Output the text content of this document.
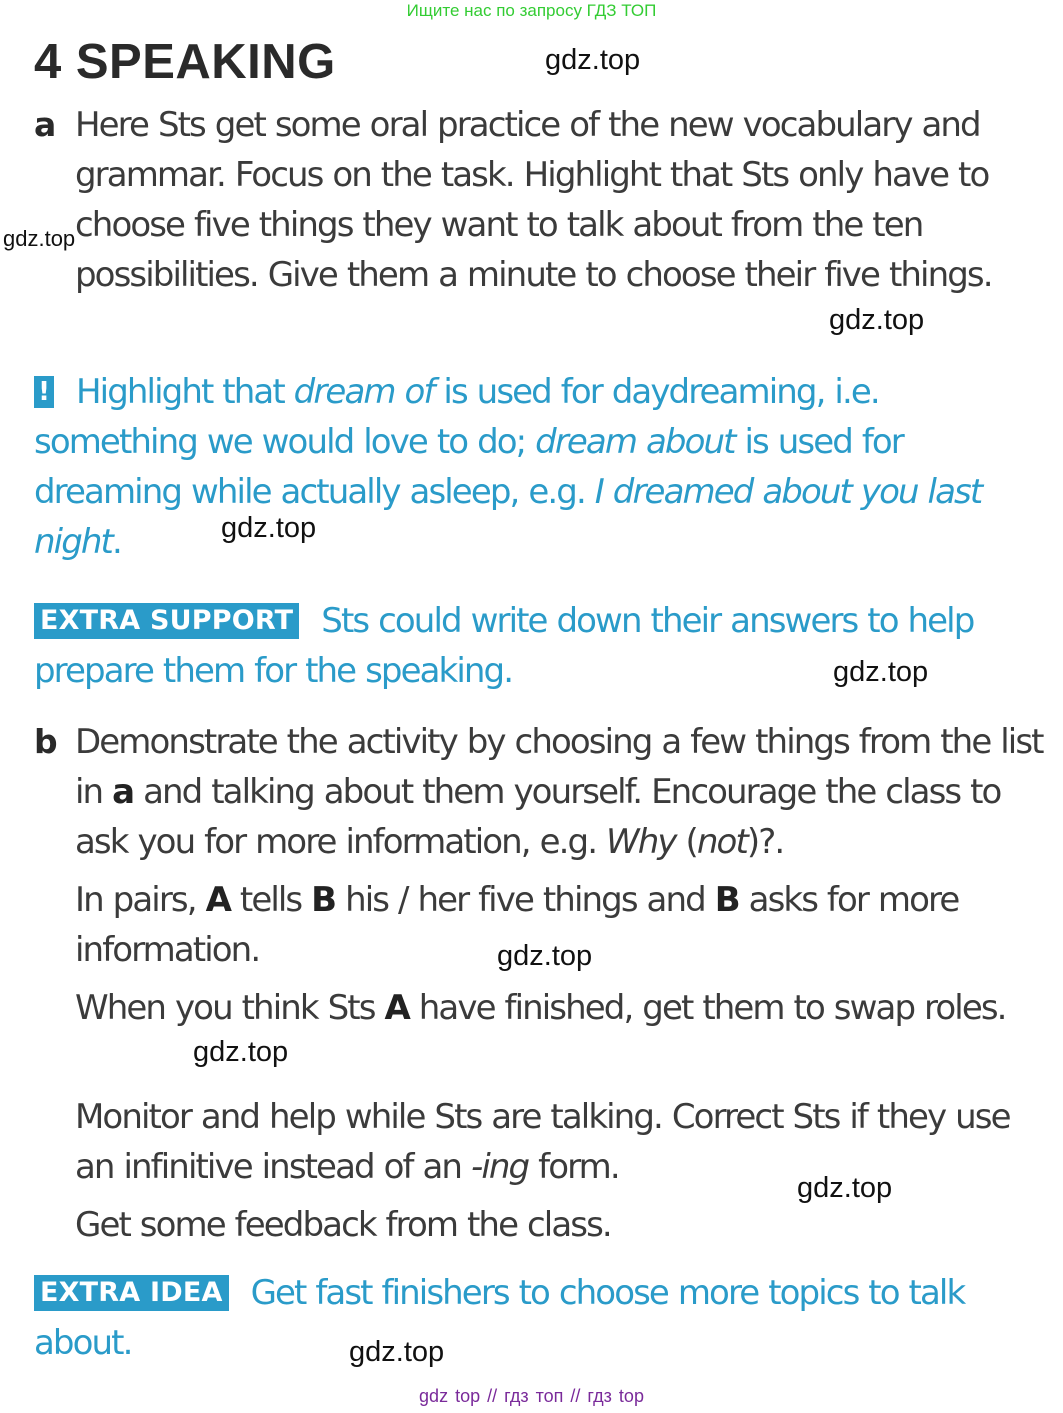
Ищите нас по запросу ГДЗ ТОП
4 SPEAKING
a Here Sts get some oral practice of the new vocabulary and grammar. Focus on the task. Highlight that Sts only have to choose five things they want to talk about from the ten possibilities. Give them a minute to choose their five things.
! Highlight that dream of is used for daydreaming, i.e. something we would love to do; dream about is used for dreaming while actually asleep, e.g. I dreamed about you last night.
EXTRA SUPPORT Sts could write down their answers to help prepare them for the speaking.
b Demonstrate the activity by choosing a few things from the list in a and talking about them yourself. Encourage the class to ask you for more information, e.g. Why (not)?.
In pairs, A tells B his / her five things and B asks for more information.
When you think Sts A have finished, get them to swap roles.
Monitor and help while Sts are talking. Correct Sts if they use an infinitive instead of an -ing form.
Get some feedback from the class.
EXTRA IDEA Get fast finishers to choose more topics to talk about.
gdz.top
gdz.top
gdz.top
gdz.top
gdz.top
gdz.top
gdz.top
gdz.top
gdz.top
gdz top // гдз топ // гдз top
